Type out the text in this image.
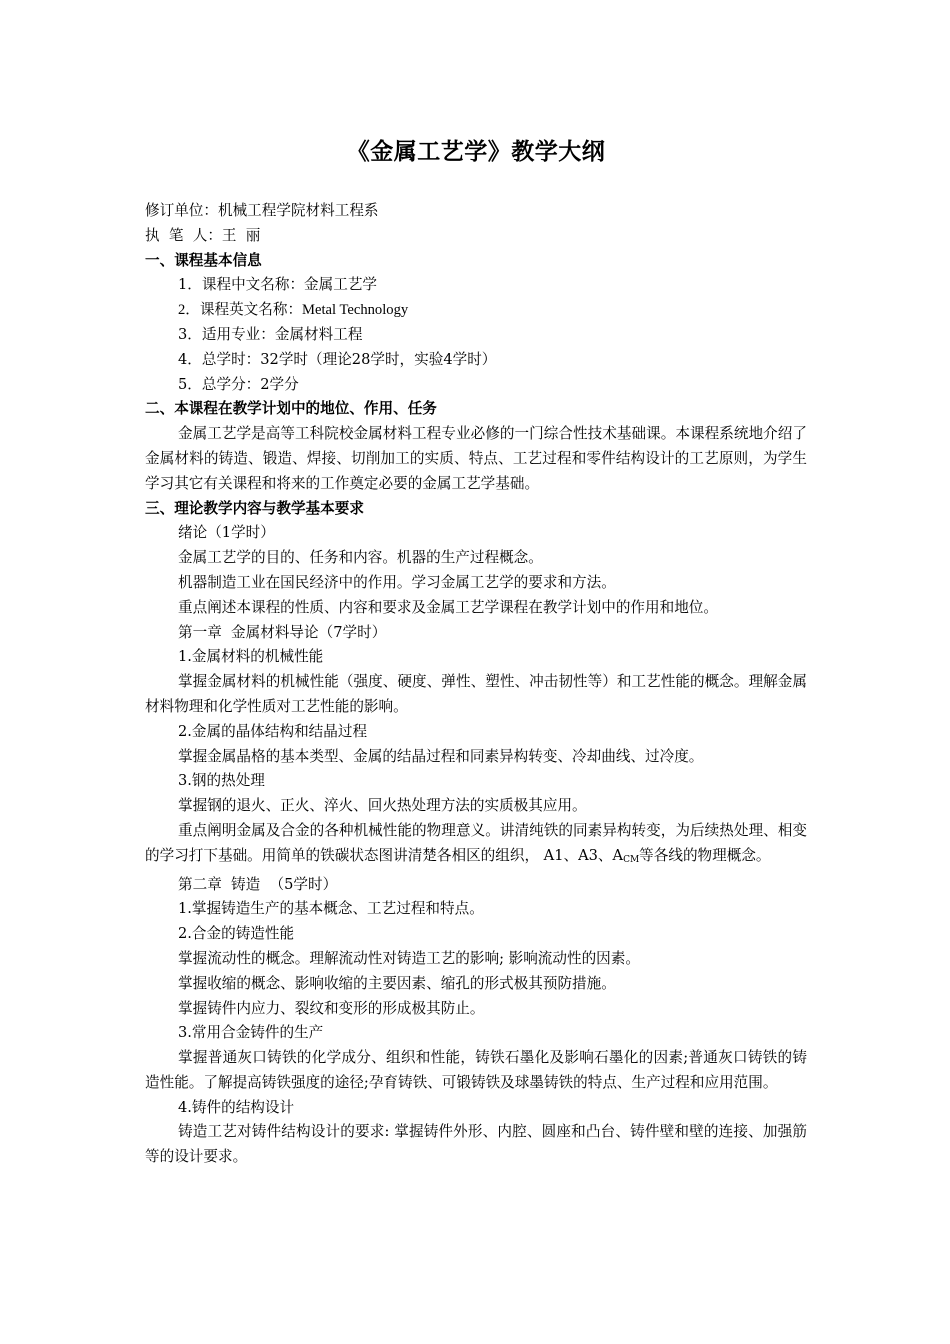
《金属工艺学》教学大纲

修订单位：机械工程学院材料工程系

执  笔  人：王  丽

一、课程基本信息

1．课程中文名称：金属工艺学

2．课程英文名称：Metal Technology

3．适用专业：金属材料工程

4．总学时：32学时（理论28学时，实验4学时）

5．总学分：2学分

二、本课程在教学计划中的地位、作用、任务

金属工艺学是高等工科院校金属材料工程专业必修的一门综合性技术基础课。本课程系统地介绍了金属材料的铸造、锻造、焊接、切削加工的实质、特点、工艺过程和零件结构设计的工艺原则，为学生学习其它有关课程和将来的工作奠定必要的金属工艺学基础。

三、理论教学内容与教学基本要求

绪论（1学时）

金属工艺学的目的、任务和内容。机器的生产过程概念。

机器制造工业在国民经济中的作用。学习金属工艺学的要求和方法。

重点阐述本课程的性质、内容和要求及金属工艺学课程在教学计划中的作用和地位。

第一章  金属材料导论（7学时）

1.金属材料的机械性能

掌握金属材料的机械性能（强度、硬度、弹性、塑性、冲击韧性等）和工艺性能的概念。理解金属材料物理和化学性质对工艺性能的影响。

2.金属的晶体结构和结晶过程

掌握金属晶格的基本类型、金属的结晶过程和同素异构转变、冷却曲线、过冷度。

3.钢的热处理

掌握钢的退火、正火、淬火、回火热处理方法的实质极其应用。

重点阐明金属及合金的各种机械性能的物理意义。讲清纯铁的同素异构转变，为后续热处理、相变的学习打下基础。用简单的铁碳状态图讲清楚各相区的组织， A1、A3、$A_{CM}$等各线的物理概念。

第二章  铸造  （5学时）

1.掌握铸造生产的基本概念、工艺过程和特点。

2.合金的铸造性能

掌握流动性的概念。理解流动性对铸造工艺的影响; 影响流动性的因素。

掌握收缩的概念、影响收缩的主要因素、缩孔的形式极其预防措施。

掌握铸件内应力、裂纹和变形的形成极其防止。

3.常用合金铸件的生产

掌握普通灰口铸铁的化学成分、组织和性能，铸铁石墨化及影响石墨化的因素;普通灰口铸铁的铸造性能。了解提高铸铁强度的途径;孕育铸铁、可锻铸铁及球墨铸铁的特点、生产过程和应用范围。

4.铸件的结构设计

铸造工艺对铸件结构设计的要求: 掌握铸件外形、内腔、圆座和凸台、铸件壁和壁的连接、加强筋等的设计要求。
